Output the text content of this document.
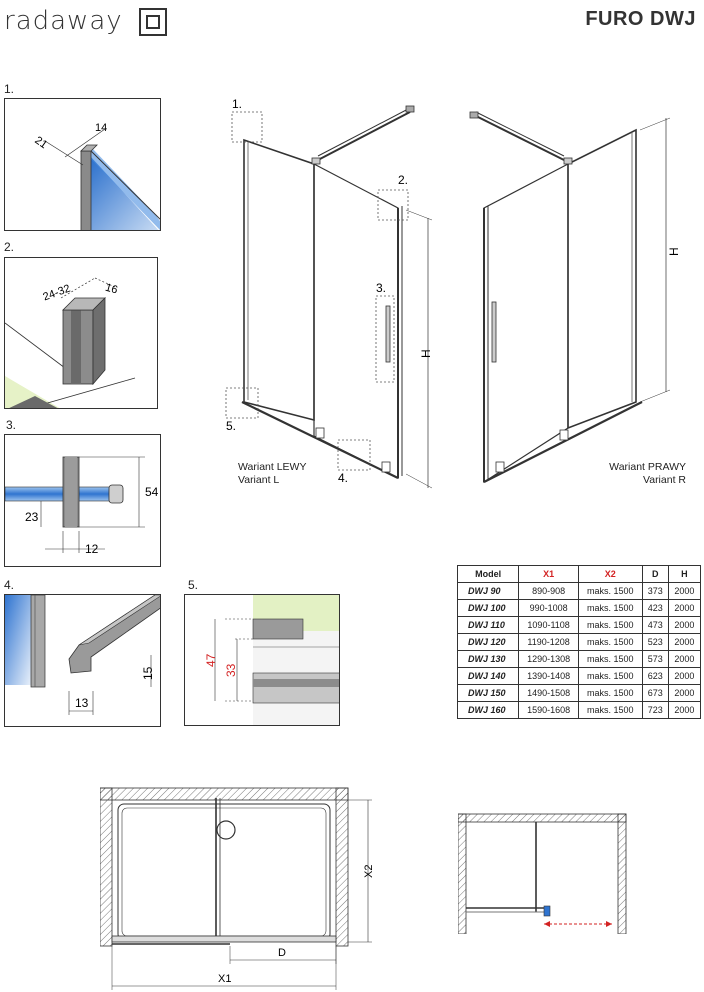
radaway	FURO DWJ
1.
21
14
2.
24-32	16
3.
54
23
12
4.
13
15
5.
47
33
H
1.
2.
3.
5.
4.
H
Wariant LEWY
Variant L
Wariant PRAWY
Variant R
Model	X1	X2	D	H
DWJ 90	890-908	maks. 1500	373	2000
DWJ 100	990-1008	maks. 1500	423	2000
DWJ 110	1090-1108	maks. 1500	473	2000
DWJ 120	1190-1208	maks. 1500	523	2000
DWJ 130	1290-1308	maks. 1500	573	2000
DWJ 140	1390-1408	maks. 1500	623	2000
DWJ 150	1490-1508	maks. 1500	673	2000
DWJ 160	1590-1608	maks. 1500	723	2000
X2
D
X1
